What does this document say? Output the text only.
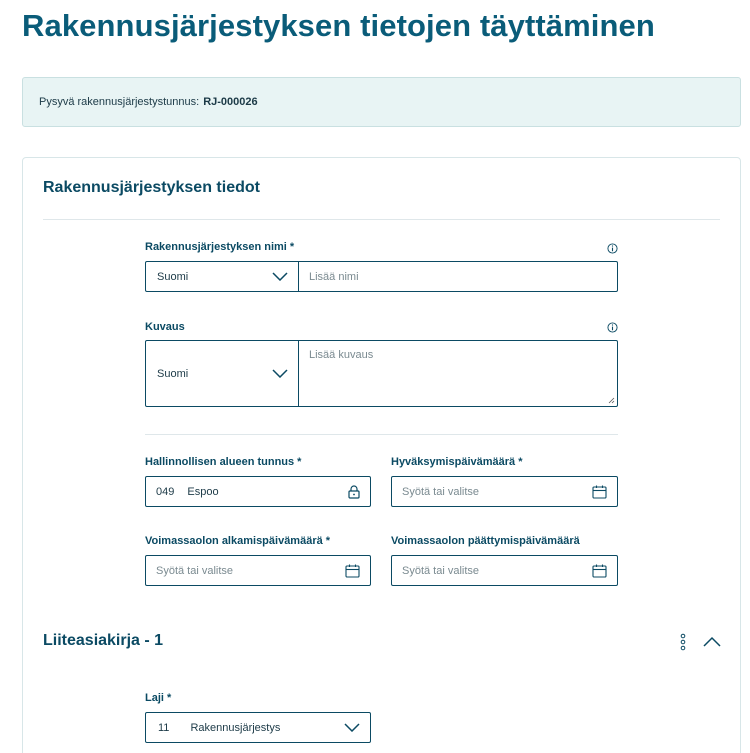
Rakennusjärjestyksen tietojen täyttäminen
Pysyvä rakennusjärjestystunnus: RJ-000026
Rakennusjärjestyksen tiedot
Rakennusjärjestyksen nimi *
Suomi	Lisää nimi
Kuvaus
Suomi
Lisää kuvaus
Hallinnollisen alueen tunnus *
049 Espoo
Hyväksymispäivämäärä *
Syötä tai valitse
Voimassaolon alkamispäivämäärä *
Syötä tai valitse
Voimassaolon päättymispäivämäärä
Syötä tai valitse
Liiteasiakirja - 1
Laji *
11 Rakennusjärjestys
